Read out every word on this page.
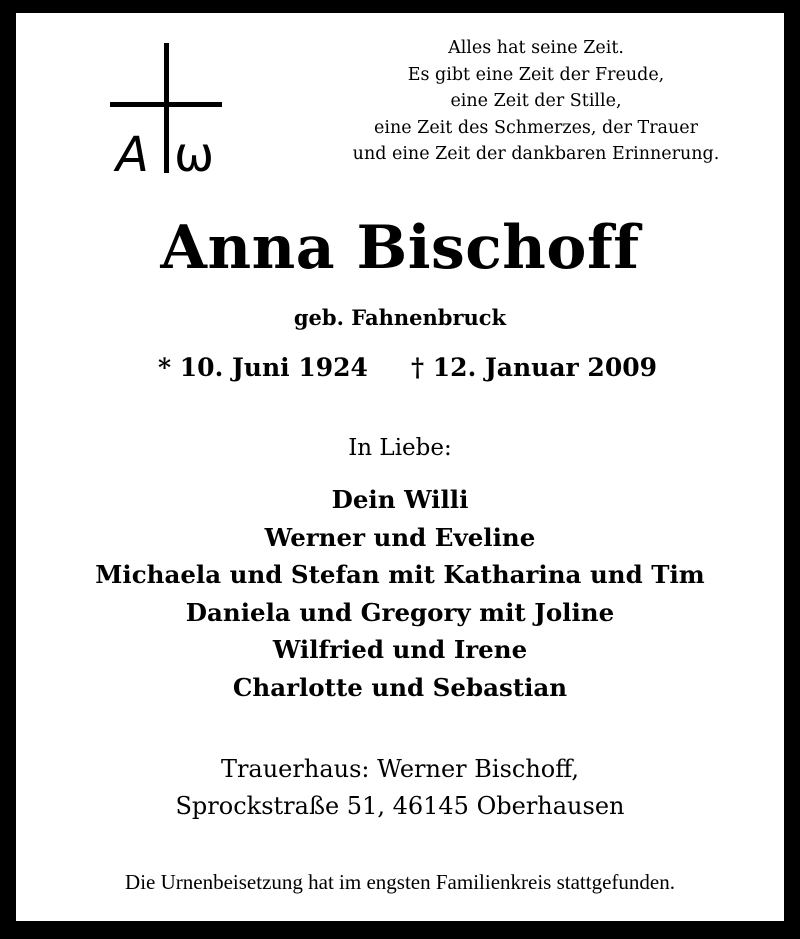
A ω
Alles hat seine Zeit.
Es gibt eine Zeit der Freude,
eine Zeit der Stille,
eine Zeit des Schmerzes, der Trauer
und eine Zeit der dankbaren Erinnerung.
Anna Bischoff
geb. Fahnenbruck
* 10. Juni 1924 † 12. Januar 2009
In Liebe:
Dein Willi
Werner und Eveline
Michaela und Stefan mit Katharina und Tim
Daniela und Gregory mit Joline
Wilfried und Irene
Charlotte und Sebastian
Trauerhaus: Werner Bischoff,
Sprockstraße 51, 46145 Oberhausen
Die Urnenbeisetzung hat im engsten Familienkreis stattgefunden.
